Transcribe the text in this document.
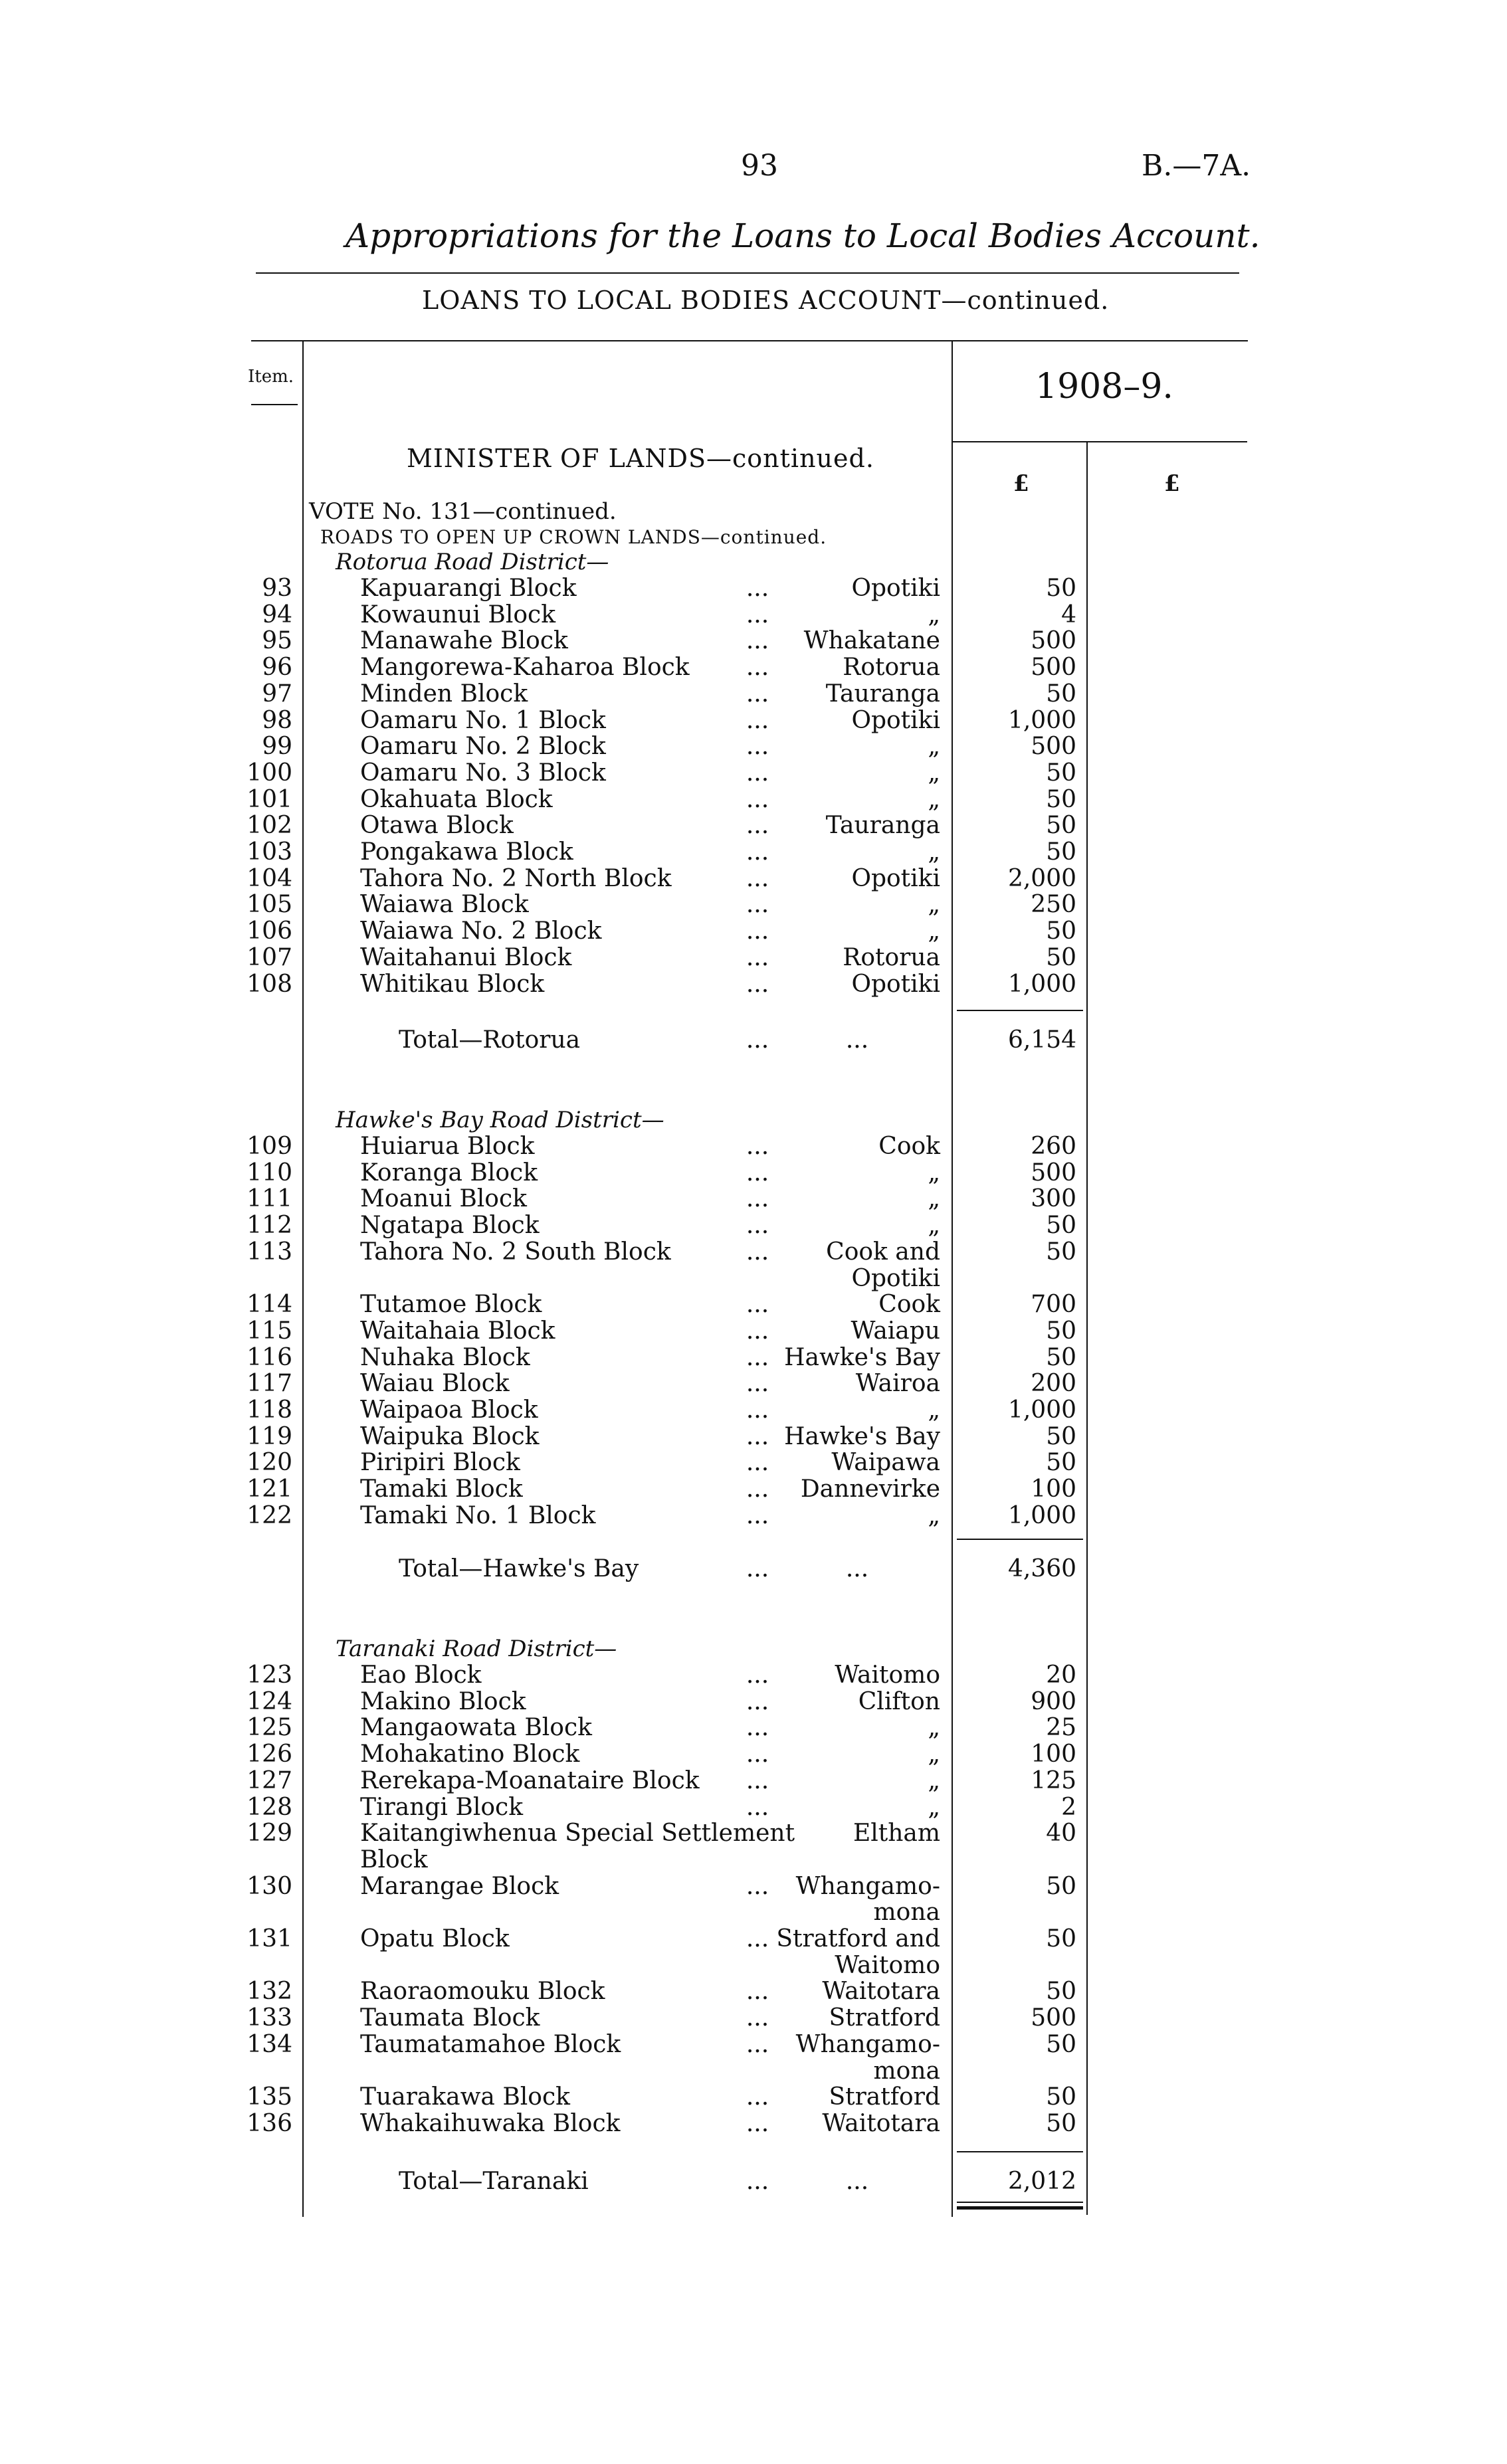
93	B.—7A.
Appropriations for the Loans to Local Bodies Account.
LOANS TO LOCAL BODIES ACCOUNT—continued.
Item.	1908–9.
£	£
MINISTER OF LANDS—continued.
VOTE No. 131—continued.
ROADS TO OPEN UP CROWN LANDS—continued.
Rotorua Road District—
93	Kapuarangi Block	...	Opotiki	50
94	Kowaunui Block	...	„	4
95	Manawahe Block	...	Whakatane	500
96	Mangorewa-Kaharoa Block ...	Rotorua	500
97	Minden Block	...	Tauranga	50
98	Oamaru No. 1 Block	...	Opotiki	1,000
99	Oamaru No. 2 Block	...	„	500
100	Oamaru No. 3 Block	...	„	50
101	Okahuata Block	...	„	50
102	Otawa Block	...	Tauranga	50
103	Pongakawa Block	...	„	50
104	Tahora No. 2 North Block	...	Opotiki	2,000
105	Waiawa Block	...	„	250
106	Waiawa No. 2 Block	...	„	50
107	Waitahanui Block	...	Rotorua	50
108	Whitikau Block	...	Opotiki	1,000
Total—Rotorua	...	...	6,154
Hawke's Bay Road District—
109	Huiarua Block	...	Cook	260
110	Koranga Block	...	„	500
111	Moanui Block	...	„	300
112	Ngatapa Block	...	„	50
113	Tahora No. 2 South Block	...	Cook and	50
Opotiki
114	Tutamoe Block	...	Cook	700
115	Waitahaia Block	...	Waiapu	50
116	Nuhaka Block	... Hawke's Bay	50
117	Waiau Block	...	Wairoa	200
118	Waipaoa Block	...	„	1,000
119	Waipuka Block	... Hawke's Bay	50
120	Piripiri Block	...	Waipawa	50
121	Tamaki Block	...	Dannevirke	100
122	Tamaki No. 1 Block	...	„	1,000
Total—Hawke's Bay	...	...	4,360
Taranaki Road District—
123	Eao Block	...	Waitomo	20
124	Makino Block	...	Clifton	900
125	Mangaowata Block	...	„	25
126	Mohakatino Block	...	„	100
127	Rerekapa-Moanataire Block ...	„	125
128	Tirangi Block	...	„	2
129	Kaitangiwhenua Special Settlement	Eltham	40
Block
130	Marangae Block	...	Whangamo-	50
mona
131	Opatu Block	... Stratford and	50
Waitomo
132	Raoraomouku Block	...	Waitotara	50
133	Taumata Block	...	Stratford	500
134	Taumatamahoe Block	...	Whangamo-	50
mona
135	Tuarakawa Block	...	Stratford	50
136	Whakaihuwaka Block	...	Waitotara	50
Total—Taranaki	...	...	2,012
